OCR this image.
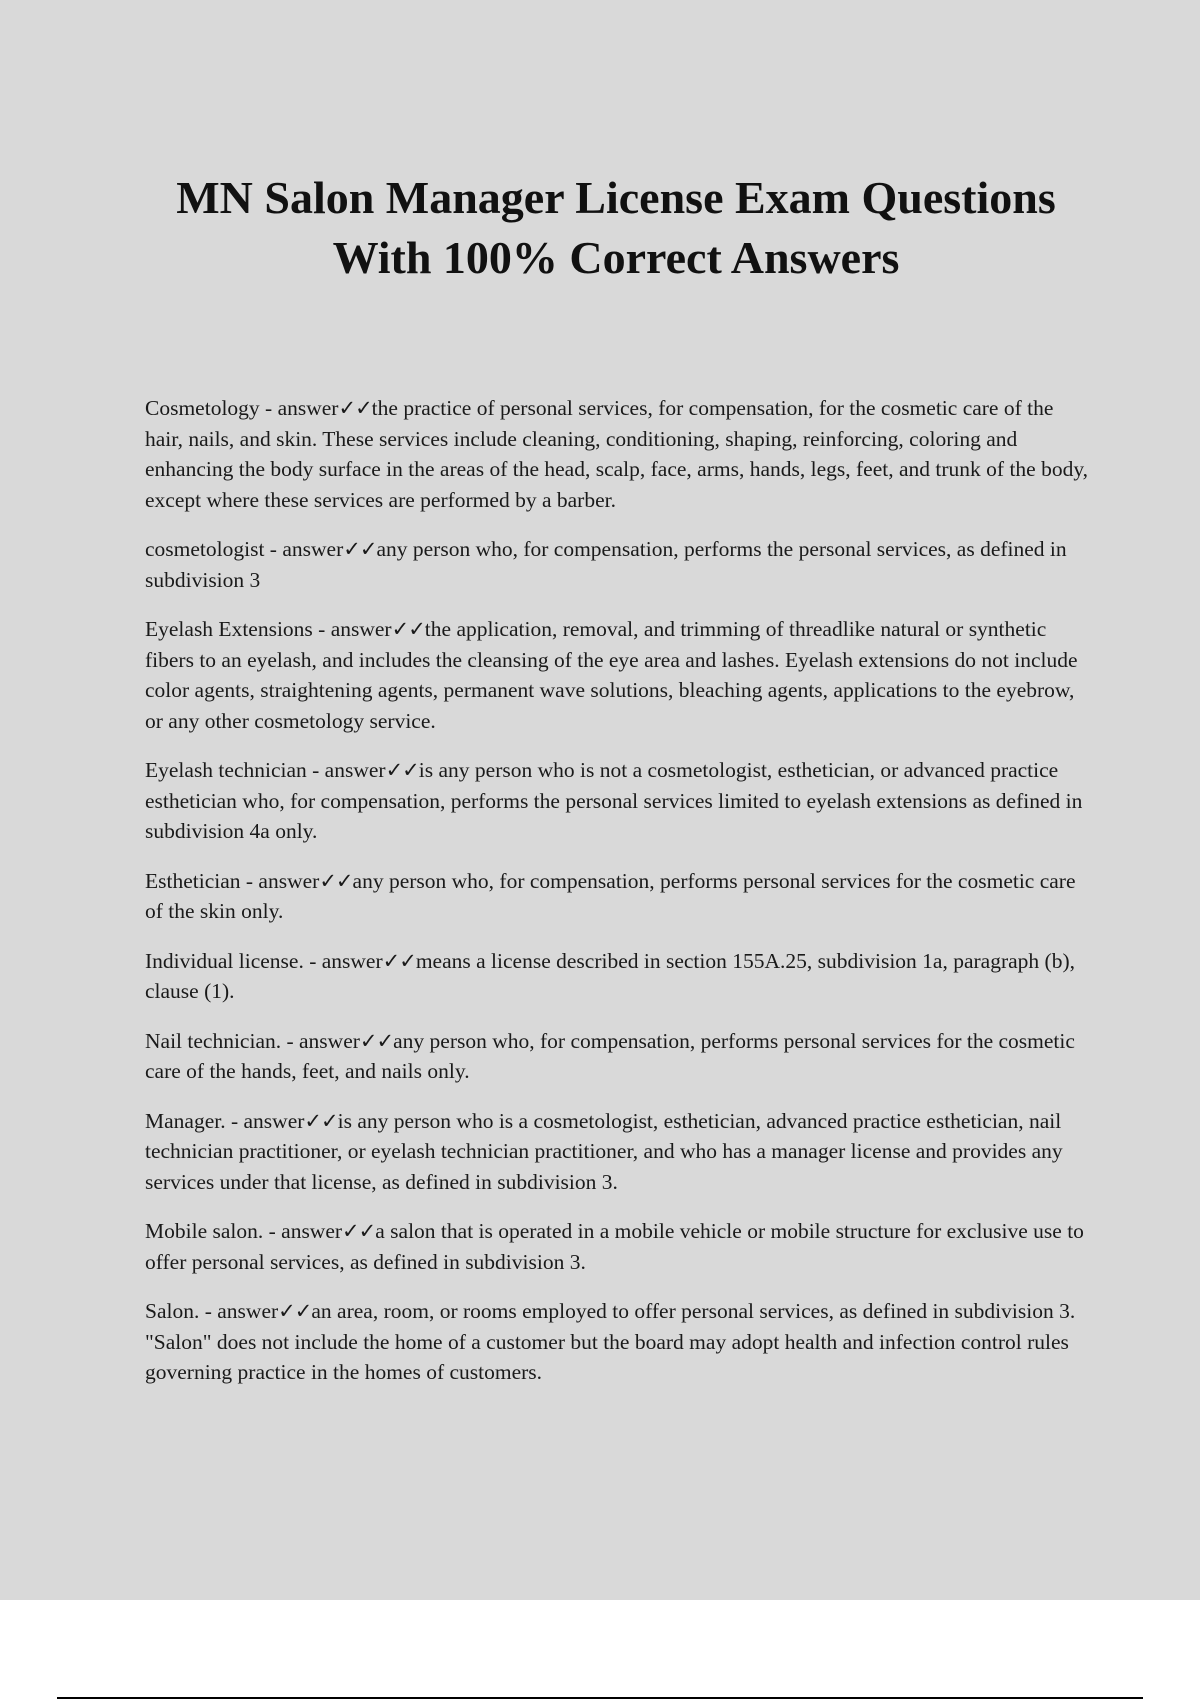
MN Salon Manager License Exam Questions
With 100% Correct Answers

Cosmetology - answer✓✓the practice of personal services, for compensation, for the cosmetic care of the hair, nails, and skin. These services include cleaning, conditioning, shaping, reinforcing, coloring and enhancing the body surface in the areas of the head, scalp, face, arms, hands, legs, feet, and trunk of the body, except where these services are performed by a barber.

cosmetologist - answer✓✓any person who, for compensation, performs the personal services, as defined in subdivision 3

Eyelash Extensions - answer✓✓the application, removal, and trimming of threadlike natural or synthetic fibers to an eyelash, and includes the cleansing of the eye area and lashes. Eyelash extensions do not include color agents, straightening agents, permanent wave solutions, bleaching agents, applications to the eyebrow, or any other cosmetology service.

Eyelash technician - answer✓✓is any person who is not a cosmetologist, esthetician, or advanced practice esthetician who, for compensation, performs the personal services limited to eyelash extensions as defined in subdivision 4a only.

Esthetician - answer✓✓any person who, for compensation, performs personal services for the cosmetic care of the skin only.

Individual license. - answer✓✓means a license described in section 155A.25, subdivision 1a, paragraph (b), clause (1).

Nail technician. - answer✓✓any person who, for compensation, performs personal services for the cosmetic care of the hands, feet, and nails only.

Manager. - answer✓✓is any person who is a cosmetologist, esthetician, advanced practice esthetician, nail technician practitioner, or eyelash technician practitioner, and who has a manager license and provides any services under that license, as defined in subdivision 3.

Mobile salon. - answer✓✓a salon that is operated in a mobile vehicle or mobile structure for exclusive use to offer personal services, as defined in subdivision 3.

Salon. - answer✓✓an area, room, or rooms employed to offer personal services, as defined in subdivision 3. "Salon" does not include the home of a customer but the board may adopt health and infection control rules governing practice in the homes of customers.
